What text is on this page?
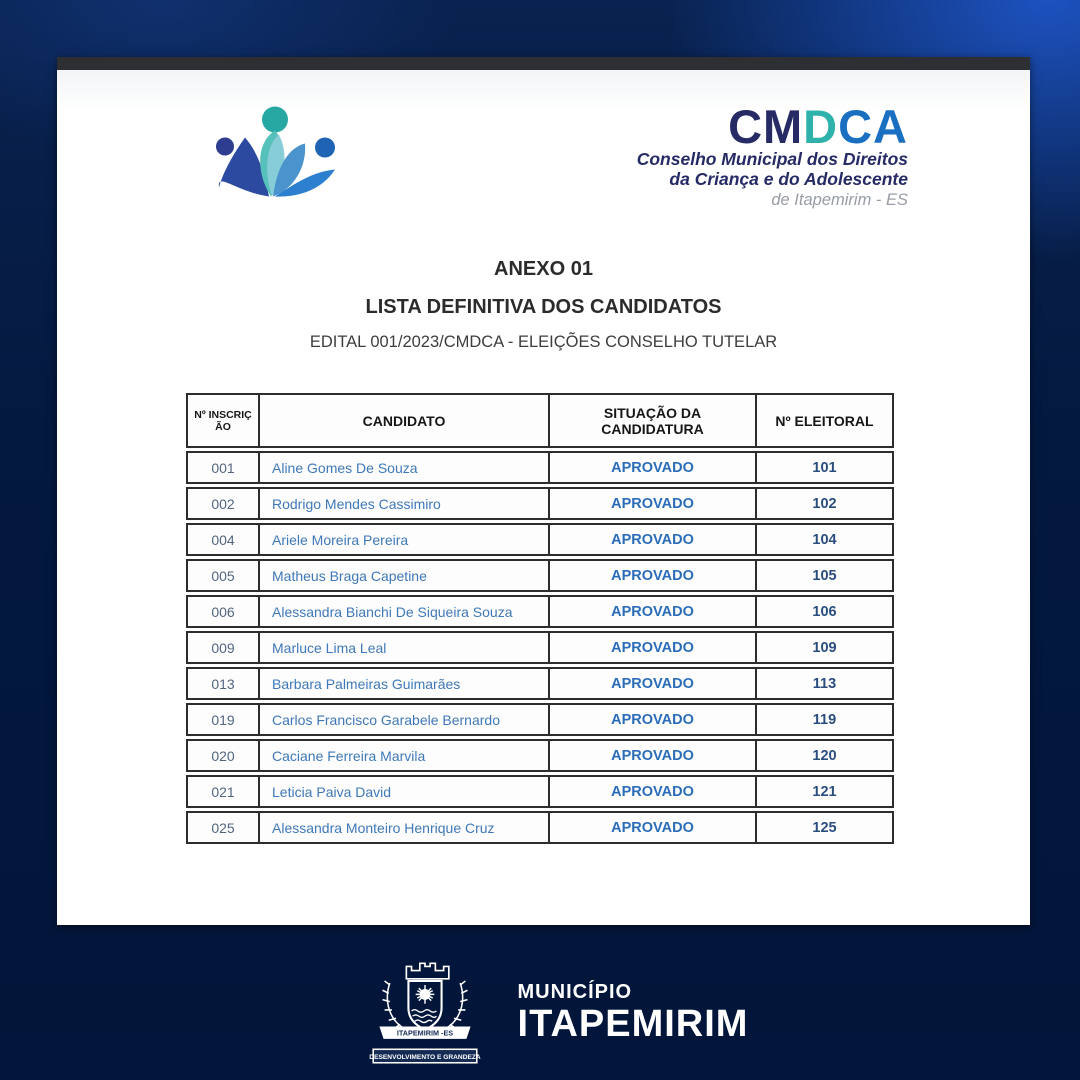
CMDCA
Conselho Municipal dos Direitos
da Criança e do Adolescente
de Itapemirim - ES
ANEXO 01
LISTA DEFINITIVA DOS CANDIDATOS
EDITAL 001/2023/CMDCA - ELEIÇÕES CONSELHO TUTELAR
Nº INSCRIÇÃO	CANDIDATO	SITUAÇÃO DA CANDIDATURA	Nº ELEITORAL
001	Aline Gomes De Souza	APROVADO	101
002	Rodrigo Mendes Cassimiro	APROVADO	102
004	Ariele Moreira Pereira	APROVADO	104
005	Matheus Braga Capetine	APROVADO	105
006	Alessandra Bianchi De Siqueira Souza	APROVADO	106
009	Marluce Lima Leal	APROVADO	109
013	Barbara Palmeiras Guimarães	APROVADO	113
019	Carlos Francisco Garabele Bernardo	APROVADO	119
020	Caciane Ferreira Marvila	APROVADO	120
021	Leticia Paiva David	APROVADO	121
025	Alessandra Monteiro Henrique Cruz	APROVADO	125
ITAPEMIRIM -ES
DESENVOLVIMENTO E GRANDEZA
MUNICÍPIO
ITAPEMIRIM
